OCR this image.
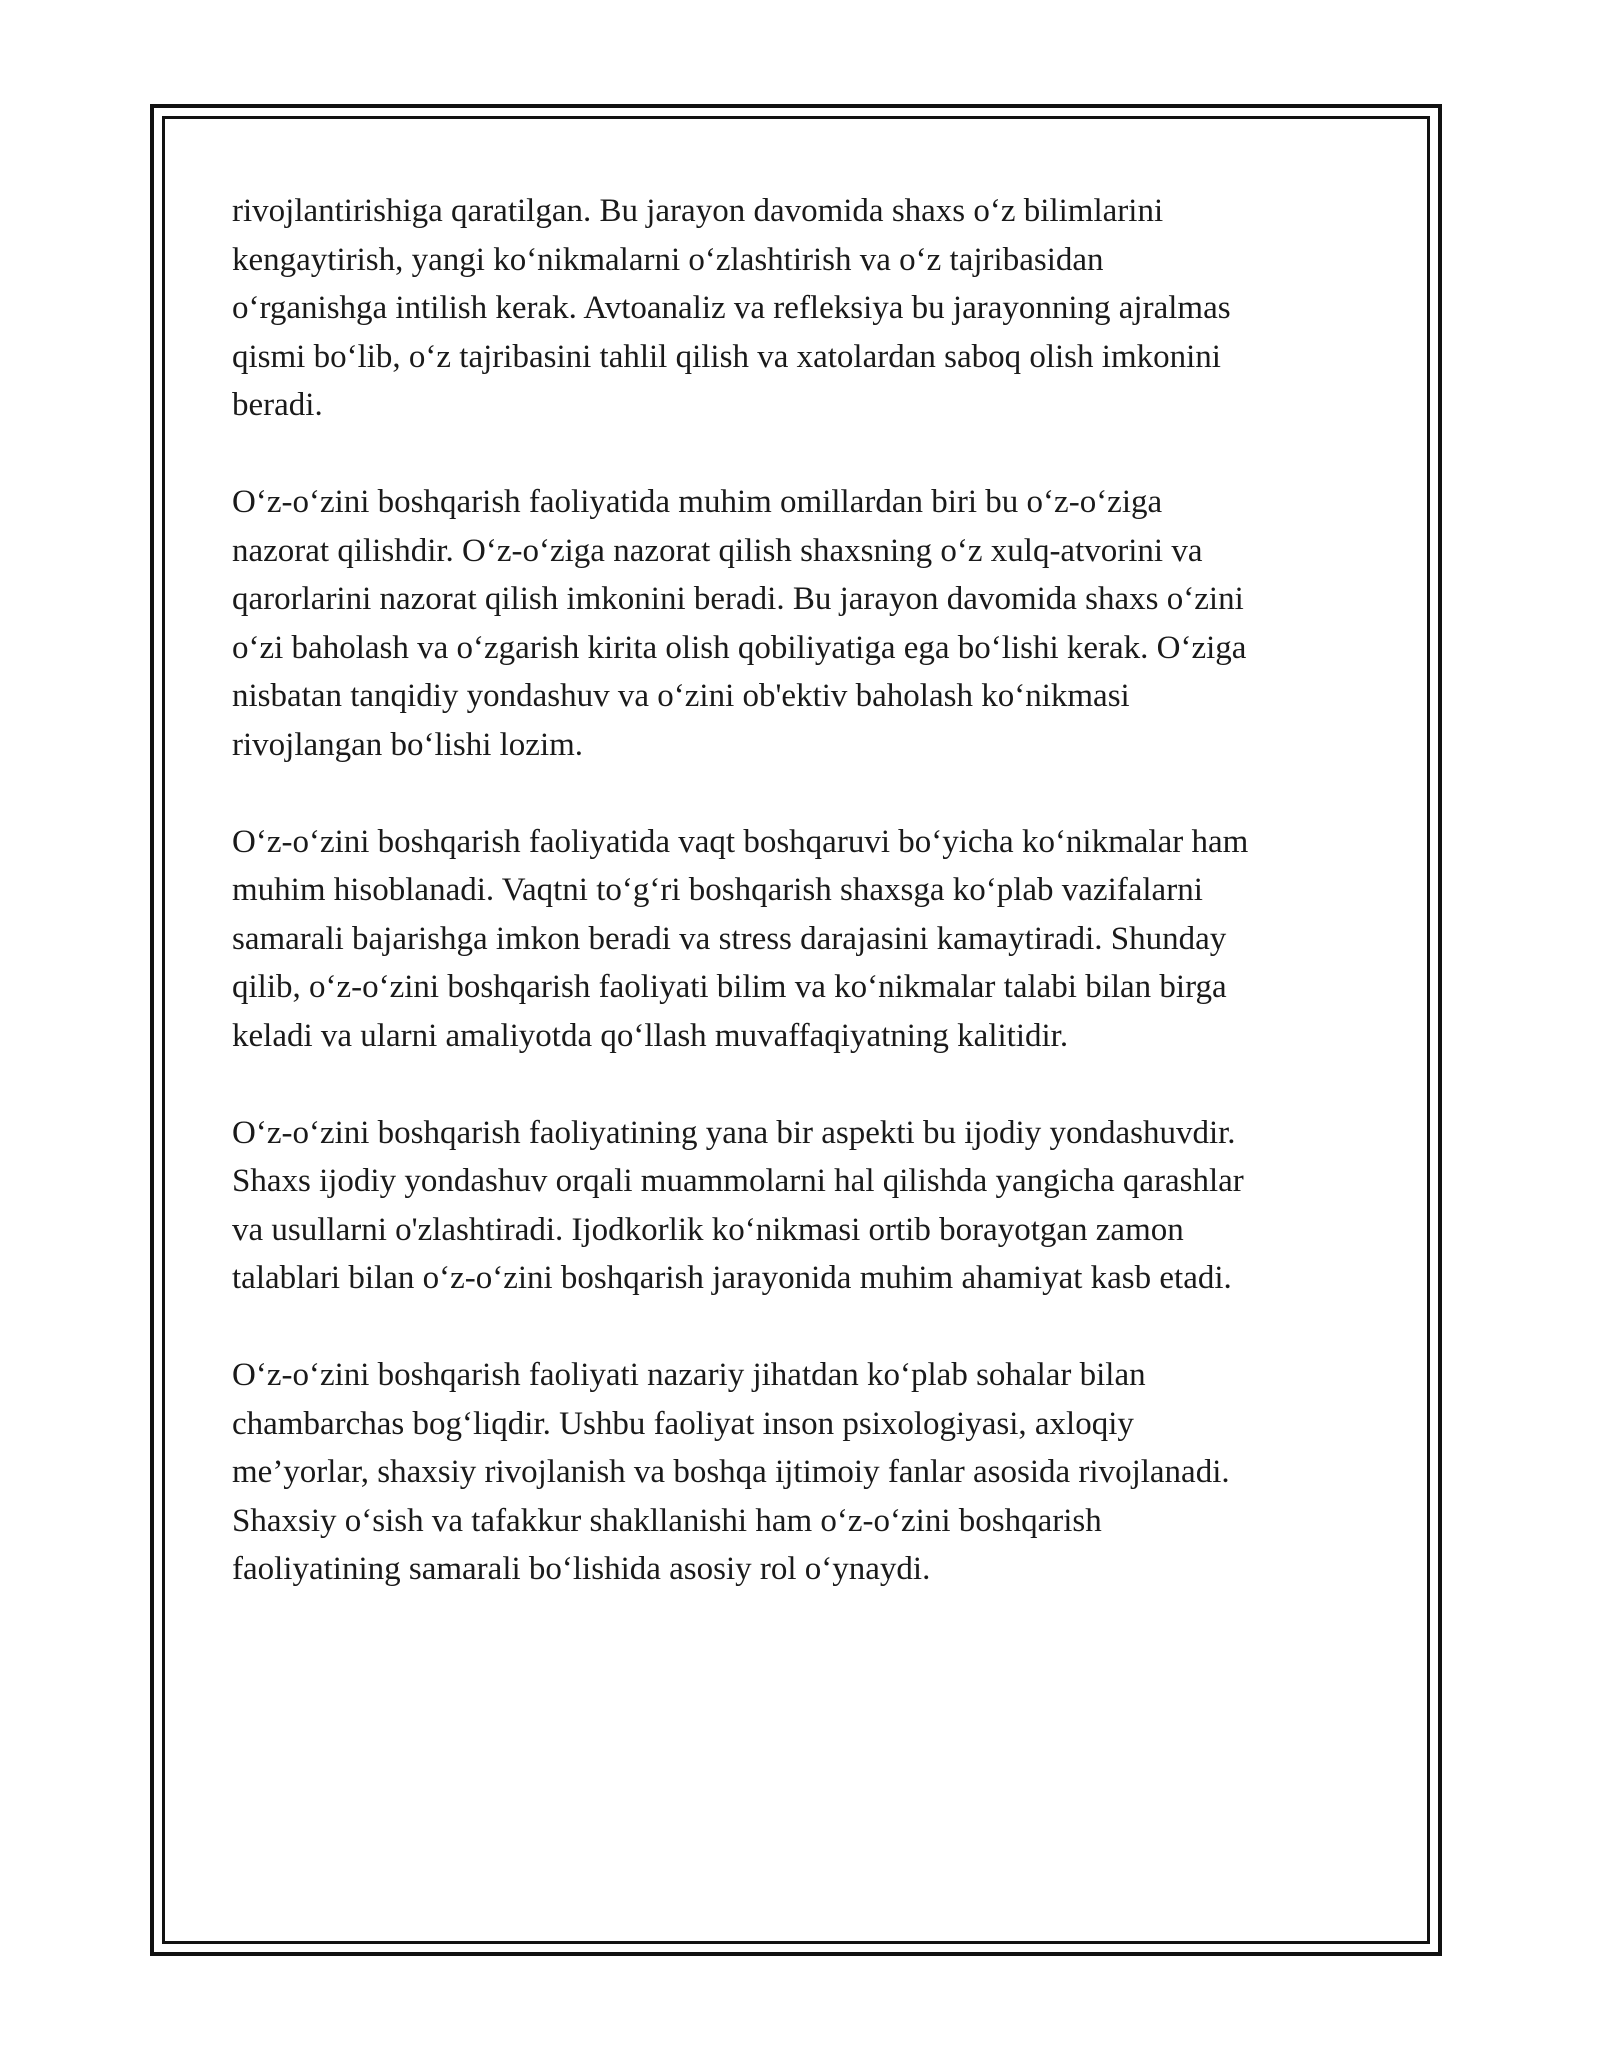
rivojlantirishiga qaratilgan. Bu jarayon davomida shaxs o‘z bilimlarini
kengaytirish, yangi ko‘nikmalarni o‘zlashtirish va o‘z tajribasidan
o‘rganishga intilish kerak. Avtoanaliz va refleksiya bu jarayonning ajralmas
qismi bo‘lib, o‘z tajribasini tahlil qilish va xatolardan saboq olish imkonini
beradi.

O‘z-o‘zini boshqarish faoliyatida muhim omillardan biri bu o‘z-o‘ziga
nazorat qilishdir. O‘z-o‘ziga nazorat qilish shaxsning o‘z xulq-atvorini va
qarorlarini nazorat qilish imkonini beradi. Bu jarayon davomida shaxs o‘zini
o‘zi baholash va o‘zgarish kirita olish qobiliyatiga ega bo‘lishi kerak. O‘ziga
nisbatan tanqidiy yondashuv va o‘zini ob'ektiv baholash ko‘nikmasi
rivojlangan bo‘lishi lozim.

O‘z-o‘zini boshqarish faoliyatida vaqt boshqaruvi bo‘yicha ko‘nikmalar ham
muhim hisoblanadi. Vaqtni to‘g‘ri boshqarish shaxsga ko‘plab vazifalarni
samarali bajarishga imkon beradi va stress darajasini kamaytiradi. Shunday
qilib, o‘z-o‘zini boshqarish faoliyati bilim va ko‘nikmalar talabi bilan birga
keladi va ularni amaliyotda qo‘llash muvaffaqiyatning kalitidir.

O‘z-o‘zini boshqarish faoliyatining yana bir aspekti bu ijodiy yondashuvdir.
Shaxs ijodiy yondashuv orqali muammolarni hal qilishda yangicha qarashlar
va usullarni o'zlashtiradi. Ijodkorlik ko‘nikmasi ortib borayotgan zamon
talablari bilan o‘z-o‘zini boshqarish jarayonida muhim ahamiyat kasb etadi.

O‘z-o‘zini boshqarish faoliyati nazariy jihatdan ko‘plab sohalar bilan
chambarchas bog‘liqdir. Ushbu faoliyat inson psixologiyasi, axloqiy
me’yorlar, shaxsiy rivojlanish va boshqa ijtimoiy fanlar asosida rivojlanadi.
Shaxsiy o‘sish va tafakkur shakllanishi ham o‘z-o‘zini boshqarish
faoliyatining samarali bo‘lishida asosiy rol o‘ynaydi.
